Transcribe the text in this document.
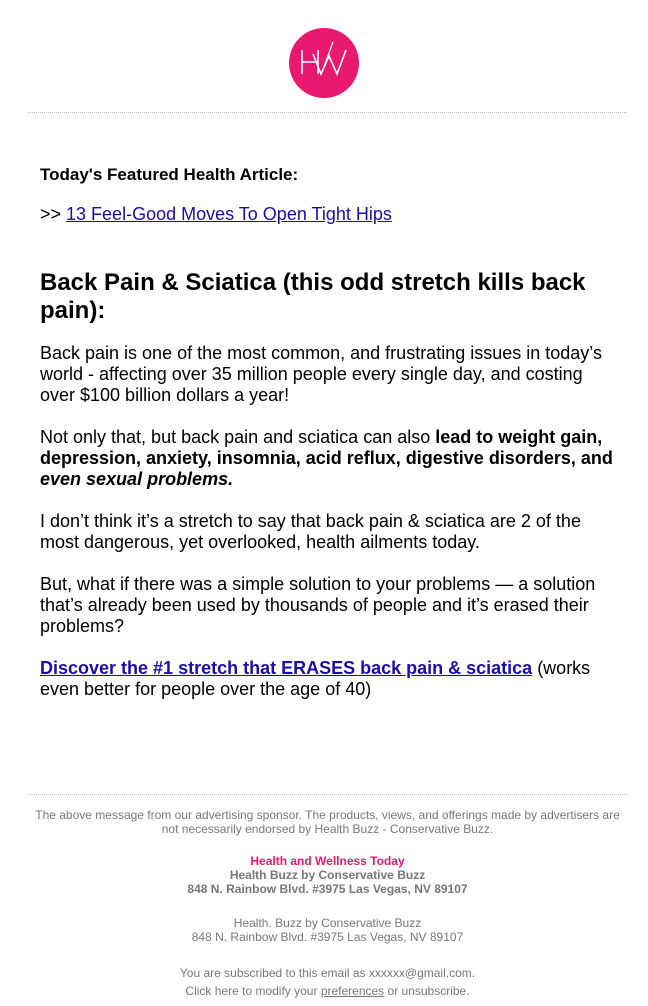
Today's Featured Health Article:

>> 13 Feel-Good Moves To Open Tight Hips

Back Pain & Sciatica (this odd stretch kills back pain):

Back pain is one of the most common, and frustrating issues in today’s world - affecting over 35 million people every single day, and costing over $100 billion dollars a year!

Not only that, but back pain and sciatica can also lead to weight gain, depression, anxiety, insomnia, acid reflux, digestive disorders, and even sexual problems.

I don’t think it’s a stretch to say that back pain & sciatica are 2 of the most dangerous, yet overlooked, health ailments today.

But, what if there was a simple solution to your problems — a solution that’s already been used by thousands of people and it’s erased their problems?

Discover the #1 stretch that ERASES back pain & sciatica (works even better for people over the age of 40)

The above message from our advertising sponsor. The products, views, and offerings made by advertisers are not necessarily endorsed by Health Buzz - Conservative Buzz.
Health and Wellness Today
Health Buzz by Conservative Buzz
848 N. Rainbow Blvd. #3975 Las Vegas, NV 89107
Health. Buzz by Conservative Buzz
848 N. Rainbow Blvd. #3975 Las Vegas, NV 89107
You are subscribed to this email as xxxxxx@gmail.com.
Click here to modify your preferences or unsubscribe.
